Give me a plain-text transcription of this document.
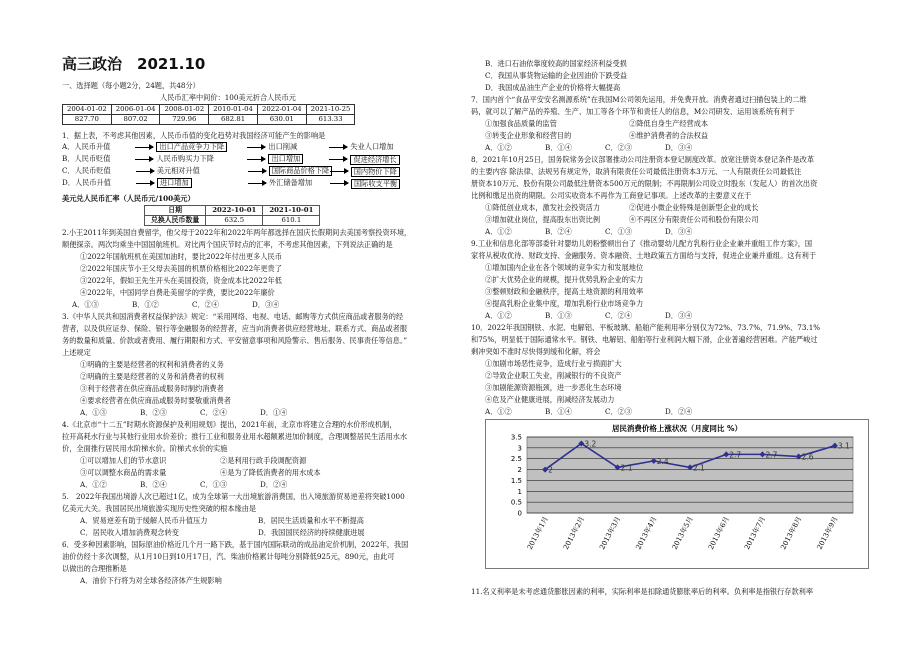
高三政治　2021.10
一、选择题（每小题2分，24题，共48分）
人民币汇率中间价：100美元折合人民币元
2004-01-02	2006-01-04	2008-01-02	2010-01-04	2022-01-04	2021-10-25
827.70	807.02	729.96	682.81	630.01	613.33
1．据上表，不考虑其他因素，人民币币值的变化趋势对我国经济可能产生的影响是
A． 人民币升值	出口产品竞争力下降	出口削减	失业人口增加
B． 人民币贬值	人民币购买力下降	出口增加	促进经济增长
C． 人民币贬值	美元相对升值	国际商品价格下降	国内物价下降
D． 人民币升值	进口增加	外汇储备增加	国际收支平衡
美元兑人民币汇率（人民币元/100美元）
日期	2022-10-01	2021-10-01
兑换人民币数量	632.5	610.1
2.小王2011年到美国自费留学，他父母于2022年和2022年两年都选择在国庆长假期间去美国考察投资环境，
顺便探亲。两次均乘坐中国国航班机。对比两个国庆节时点的汇率，不考虑其他因素，下列说法正确的是
①2022年国航班机在美国加油时，要比2022年付出更多人民币
②2022年国庆节小王父母去美国的机票价格相比2022年更贵了
③2022年，假如王先生开头在美国投资，资金成本比2022年低
④2022年，中国同学自费赴美留学的学费，要比2022年廉价
A．①③	B．①②	C．②④	D．③④
3.《中华人民共和国消费者权益保护法》规定：“采用网络、电视、电话、邮购等方式供应商品或者服务的经
营者，以及供应证券、保险、银行等金融服务的经营者，应当向消费者供应经营地址、联系方式、商品或者服
务的数量和质量、价款或者费用、履行期限和方式、平安留意事项和风险警示、售后服务、民事责任等信息。”
上述规定
①明确的主要是经营者的权利和消费者的义务
②明确的主要是经营者的义务和消费者的权利
③利于经营者在供应商品或服务时制约消费者
④要求经营者在供应商品或服务时要敬重消费者
A．①③	B．②③	C．②④	D．①④
4.《北京市“十二五”时期水资源保护及利用规划》提出，2021年前，北京市将建立合理的水价形成机制，
拉开高耗水行业与其他行业用水价差价；推行工业和服务业用水超额累进加价制度，合理调整居民生活用水水
价，全面推行居民用水阶梯水价。阶梯式水价的实施
①可以增加人们的节水意识	②是利用行政手段调配资源
③可以调整水商品的需求量	④是为了降低消费者的用水成本
A．①②	B．②④	C．①③	D．②④
5.　2022年我国出境游人次已超过1亿，成为全球第一大出境旅游消费国，出入境旅游贸易逆差将突破1000
亿美元大关。我国居民出境旅游实现历史性突破的根本缘由是
A．贸易逆差有助于缓解人民币升值压力	B．居民生活质量和水平不断提高
C．居民收入增加消费观念转变	D．我国国民经济的持续健康进展
6．受多种因素影响，国际原油价格近几个月一路下跌，基于国内国际联动的成品油定价机制，2022年，我国
油价仿经十多次调整，从1月10日到10月17日，汽、柴油价格累计每吨分别降低925元，890元，由此可
以做出的合理推断是
A．油价下行将为对全球各经济体产生规影响
B．进口石油依靠度较高的国家经济利益受损
C．我国从事货物运输的企业因油价下跌受益
D．我国成品油生产企业的价格将大幅提高
7．国内首个“食品平安安名测源系统”在我国M公司领先运用，并免费开放。消费者通过扫描包装上的二维
码，就可以了解产品的养殖、生产、加工等各个环节和责任人的信息，M公司研发、运用该系统有利于
①加强食品质量的监管	②降低自身生产经营成本
③转变企业形象和经营目的	④维护消费者的合法权益
A．①②	B．①④	C．②③	D．③④
8．2021年10月25日，国务院常务会议部署推动公司注册资本登记制度改革。放宽注册资本登记条件是改革
的主要内容 除法律、法规另有规定外，取消有限责任公司最低注册资本3万元、一人有限责任公司最低注
册资本10万元、股份有限公司最低注册资本500万元的限制；不再限制公司设立时股东（发起人）的首次出资
比例和缴足出资的期限。公司实收资本不再作为工商登记事项。上述改革的主要意义在于
①降低创业成本，激发社会投资活力	②促进小微企业特殊是创新型企业的成长
③增加就业岗位，提高股东出资比例	④不再区分有限责任公司和股份有限公司
A．①②	B．②④	C．①③	D．③④
9.工业和信息化部等部委针对婴幼儿奶粉整顿出台了《推动婴幼儿配方乳粉行业企业兼并重组工作方案》，国
家将从税收优待、财政支持、金融服务、资本融资、土地政策五方面给与支持，促进企业兼并重组。这有利于
①增加国内企业在各个领域的竞争实力和发展地位
②扩大优势企业的规模，提升优势乳粉企业的实力
③整顿财政和金融秩序，提高土地资源的利用效率
④提高乳粉企业集中度，增加乳粉行业市场竞争力
A．①②	B．①③	C．②④	D．③④
10．2022年我国钢铁、水泥、电解铝、平板玻璃、船舶产能利用率分别仅为72%、73.7%、71.9%、73.1%
和75%，明显低于国际通常水平。钢铁、电解铝、船舶等行业利润大幅下滑，企业普遍经营困难。产能严峻过
剩冲突如不准时尽快得到缓和化解，将会
①加剧市场恶性竞争，造成行业亏损面扩大
②导致企业职工失业，削减银行的不良资产
③加剧能源资源瓶颈，进一步恶化生态环境
④危及产业健康进展，削减经济发展动力
A．①②	B．①④	C．②③	D．②④
居民消费价格上涨状况（月度同比 %）
0
0.5
1
1.5
2
2.5
3
3.5
2
3.2
2.1
2.4
2.1
2.7	2.7	2.6
3.1
2013年1月 2013年2月 2013年3月 2013年4月 2013年5月 2013年6月 2013年7月 2013年8月 2013年9月
11.名义利率是未考虑通货膨胀因素的利率，实际利率是扣除通货膨胀率后的利率。负利率是指银行存款利率
